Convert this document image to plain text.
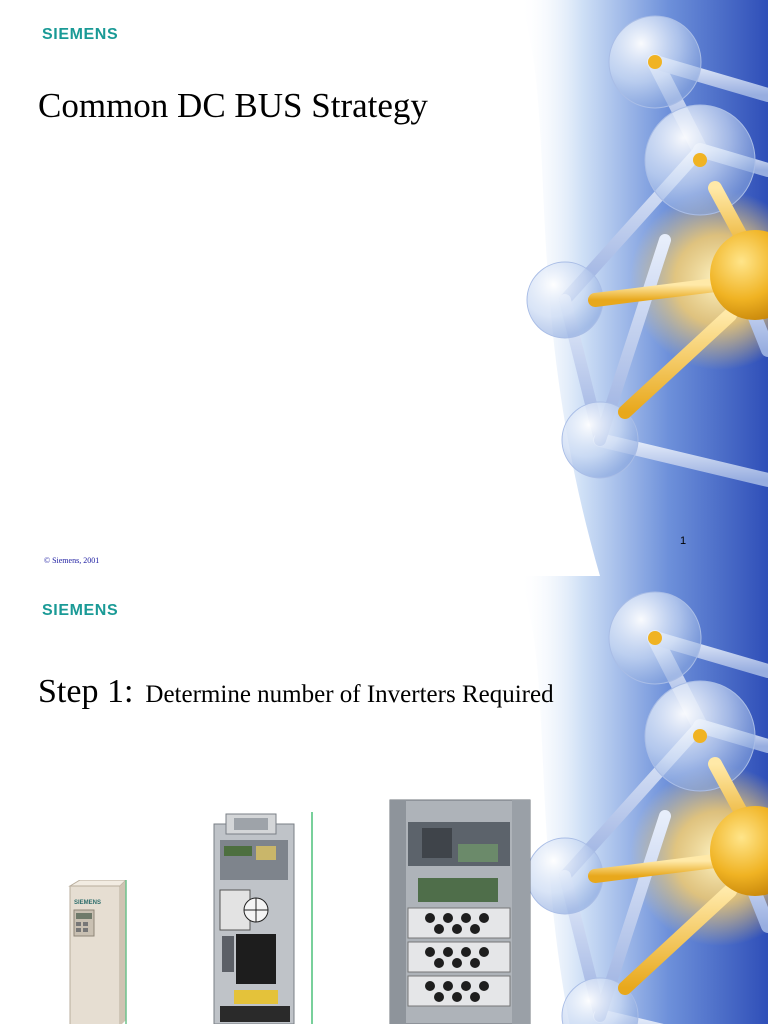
SIEMENS
Common DC BUS Strategy
© Siemens, 2001
1
SIEMENS
Step 1: Determine number of Inverters Required
SIEMENS
